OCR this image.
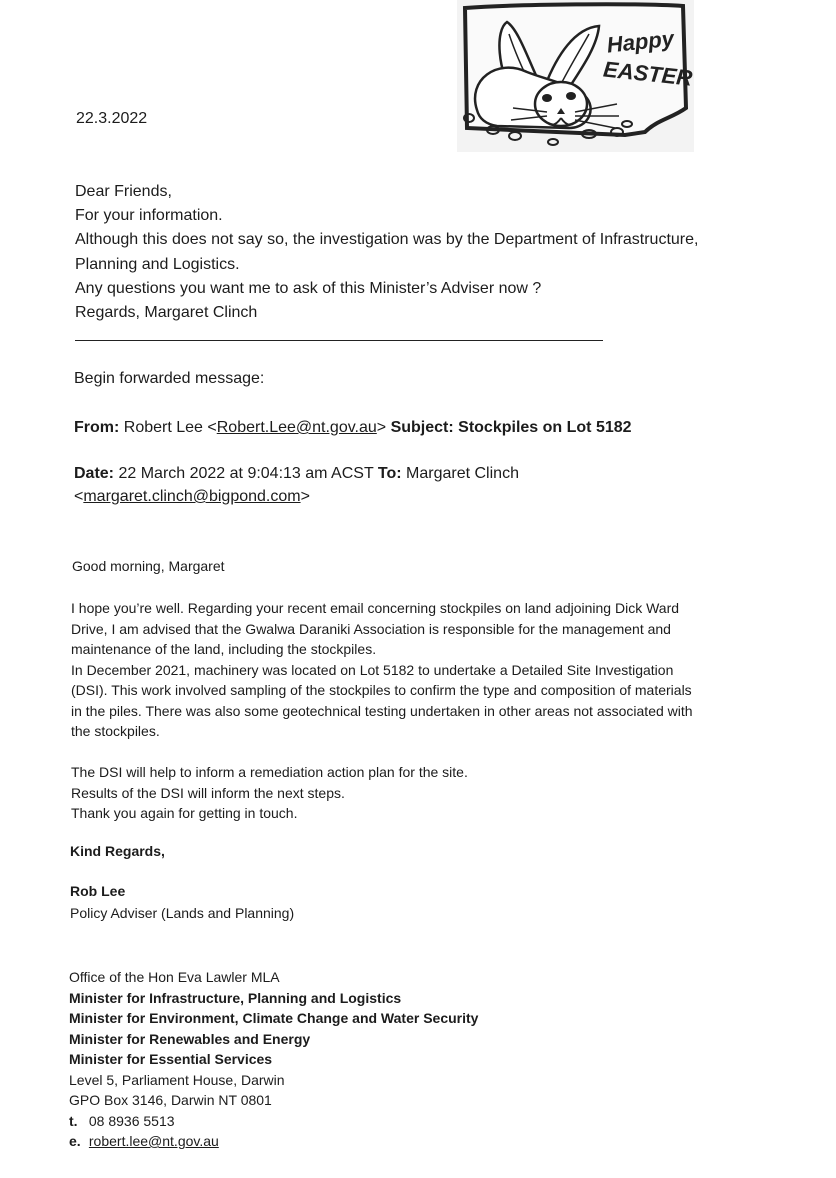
Happy
EASTER
22.3.2022
Dear Friends,
For your information.
Although this does not say so, the investigation was by the Department of Infrastructure,
Planning and Logistics.
Any questions you want me to ask of this Minister’s Adviser now ?
Regards, Margaret Clinch
Begin forwarded message:
From: Robert Lee <Robert.Lee@nt.gov.au> Subject: Stockpiles on Lot 5182
Date: 22 March 2022 at 9:04:13 am ACST To: Margaret Clinch
<margaret.clinch@bigpond.com>
Good morning, Margaret
I hope you’re well. Regarding your recent email concerning stockpiles on land adjoining Dick Ward
Drive, I am advised that the Gwalwa Daraniki Association is responsible for the management and
maintenance of the land, including the stockpiles.
In December 2021, machinery was located on Lot 5182 to undertake a Detailed Site Investigation
(DSI). This work involved sampling of the stockpiles to confirm the type and composition of materials
in the piles. There was also some geotechnical testing undertaken in other areas not associated with
the stockpiles.
The DSI will help to inform a remediation action plan for the site.
Results of the DSI will inform the next steps.
Thank you again for getting in touch.
Kind Regards,
Rob Lee
Policy Adviser (Lands and Planning)
Office of the Hon Eva Lawler MLA
Minister for Infrastructure, Planning and Logistics
Minister for Environment, Climate Change and Water Security
Minister for Renewables and Energy
Minister for Essential Services
Level 5, Parliament House, Darwin
GPO Box 3146, Darwin NT 0801
t. 08 8936 5513
e. robert.lee@nt.gov.au
